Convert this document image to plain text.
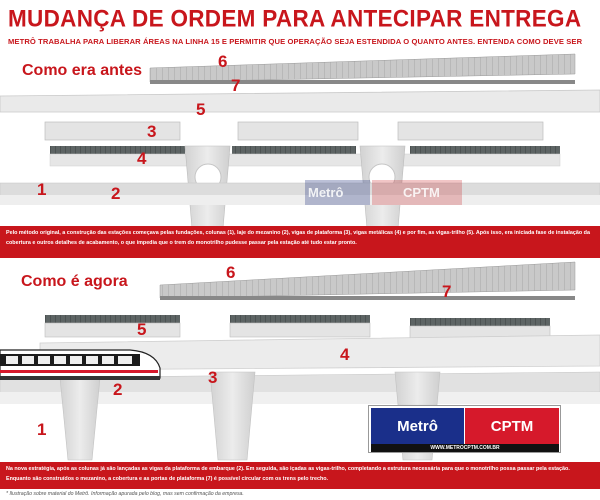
MUDANÇA DE ORDEM PARA ANTECIPAR ENTREGA
METRÔ TRABALHA PARA LIBERAR ÁREAS NA LINHA 15 E PERMITIR QUE OPERAÇÃO SEJA ESTENDIDA O QUANTO ANTES. ENTENDA COMO DEVE SER
Como era antes
Como é agora
6
7
5
3
4
1	2	Metrô	CPTM
Pelo método original, a construção das estações começava pelas fundações, colunas (1), laje do mezanino (2), vigas de plataforma (3), vigas metálicas (4) e por fim, as vigas-trilho (5). Após isso, era iniciada fase de instalação da cobertura e outros detalhes de acabamento, o que impedia que o trem do monotrilho pudesse passar pela estação até tudo estar pronto.
6
7
5
4
2
3
1	Metrô	CPTM
WWW.METROCPTM.COM.BR
Na nova estratégia, após as colunas já são lançadas as vigas da plataforma de embarque (2). Em seguida, são içadas as vigas-trilho, completando a estrutura necessária para que o monotrilho possa passar pela estação. Enquanto são construídos o mezanino, a cobertura e as portas de plataforma (7) é possível circular com os trens pelo trecho.
* Ilustração sobre material do Metrô. Informação apurada pelo blog, mas sem confirmação da empresa.
